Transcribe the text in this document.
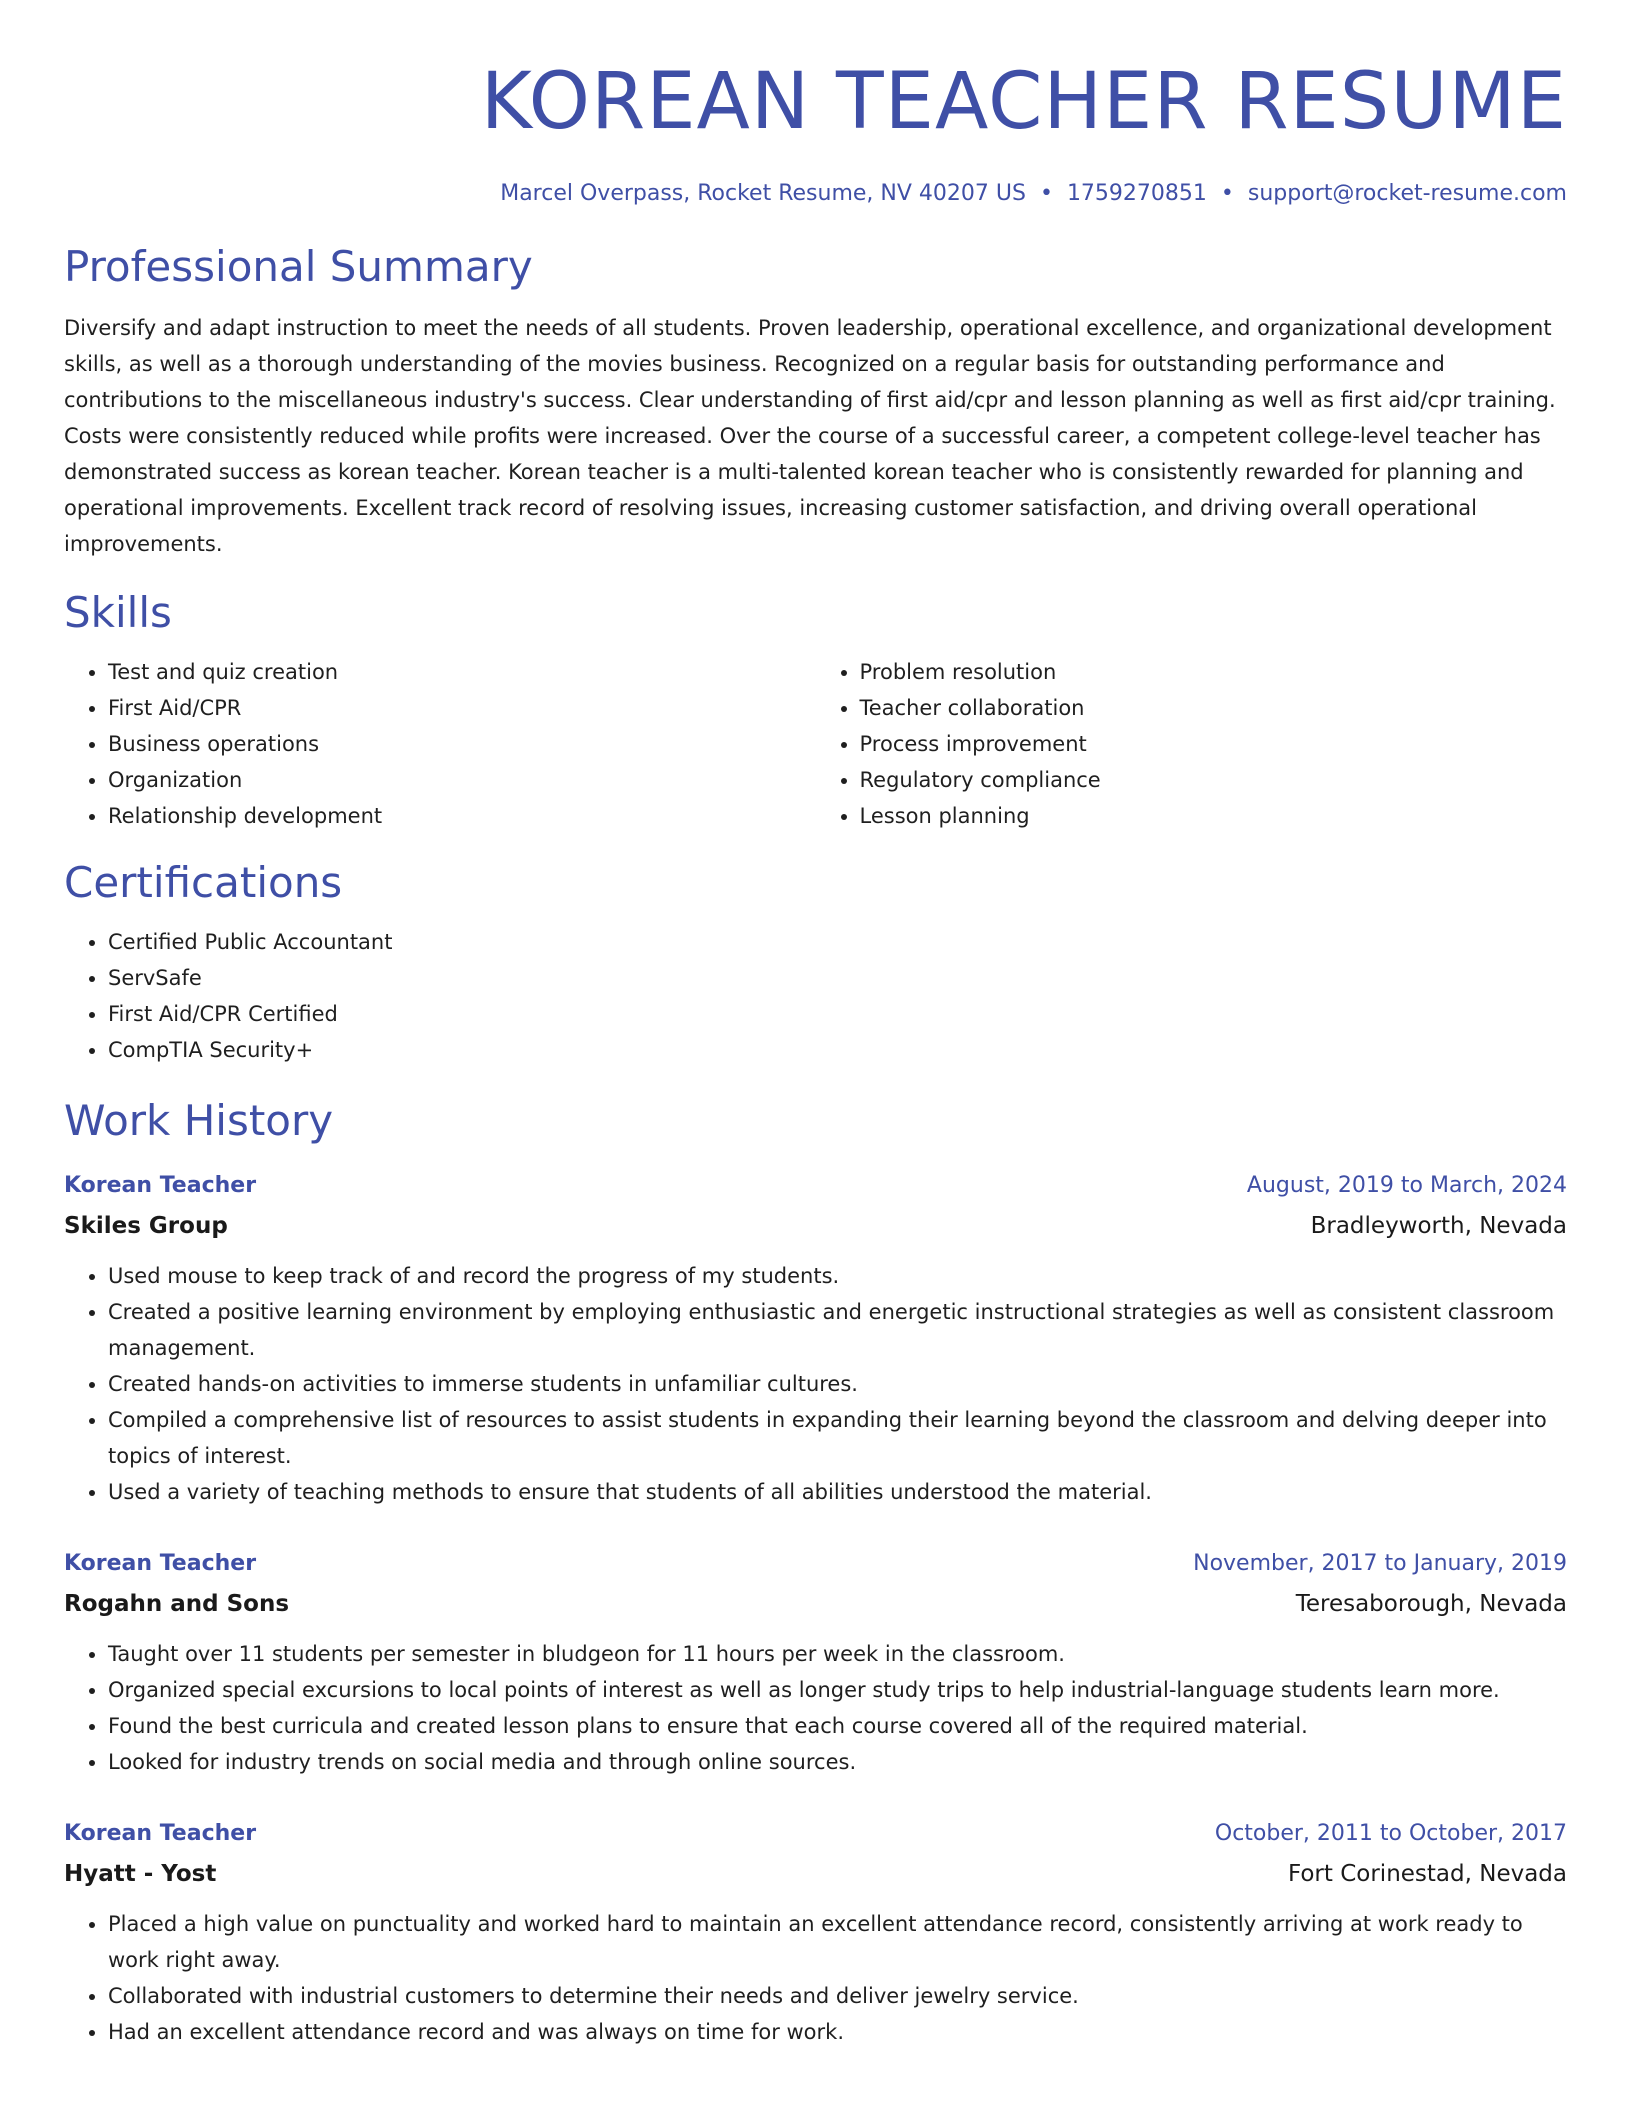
KOREAN TEACHER RESUME
Marcel Overpass, Rocket Resume, NV 40207 US • 1759270851 • support@rocket-resume.com
Professional Summary
Diversify and adapt instruction to meet the needs of all students. Proven leadership, operational excellence, and organizational development skills, as well as a thorough understanding of the movies business. Recognized on a regular basis for outstanding performance and contributions to the miscellaneous industry's success. Clear understanding of first aid/cpr and lesson planning as well as first aid/cpr training. Costs were consistently reduced while profits were increased. Over the course of a successful career, a competent college-level teacher has demonstrated success as korean teacher. Korean teacher is a multi-talented korean teacher who is consistently rewarded for planning and operational improvements. Excellent track record of resolving issues, increasing customer satisfaction, and driving overall operational improvements.
Skills
• Test and quiz creation
• First Aid/CPR
• Business operations
• Organization
• Relationship development
• Problem resolution
• Teacher collaboration
• Process improvement
• Regulatory compliance
• Lesson planning
Certifications
• Certified Public Accountant
• ServSafe
• First Aid/CPR Certified
• CompTIA Security+
Work History
Korean Teacher	August, 2019 to March, 2024
Skiles Group	Bradleyworth, Nevada
• Used mouse to keep track of and record the progress of my students.
• Created a positive learning environment by employing enthusiastic and energetic instructional strategies as well as consistent classroom management.
• Created hands-on activities to immerse students in unfamiliar cultures.
• Compiled a comprehensive list of resources to assist students in expanding their learning beyond the classroom and delving deeper into topics of interest.
• Used a variety of teaching methods to ensure that students of all abilities understood the material.
Korean Teacher	November, 2017 to January, 2019
Rogahn and Sons	Teresaborough, Nevada
• Taught over 11 students per semester in bludgeon for 11 hours per week in the classroom.
• Organized special excursions to local points of interest as well as longer study trips to help industrial-language students learn more.
• Found the best curricula and created lesson plans to ensure that each course covered all of the required material.
• Looked for industry trends on social media and through online sources.
Korean Teacher	October, 2011 to October, 2017
Hyatt - Yost	Fort Corinestad, Nevada
• Placed a high value on punctuality and worked hard to maintain an excellent attendance record, consistently arriving at work ready to work right away.
• Collaborated with industrial customers to determine their needs and deliver jewelry service.
• Had an excellent attendance record and was always on time for work.
